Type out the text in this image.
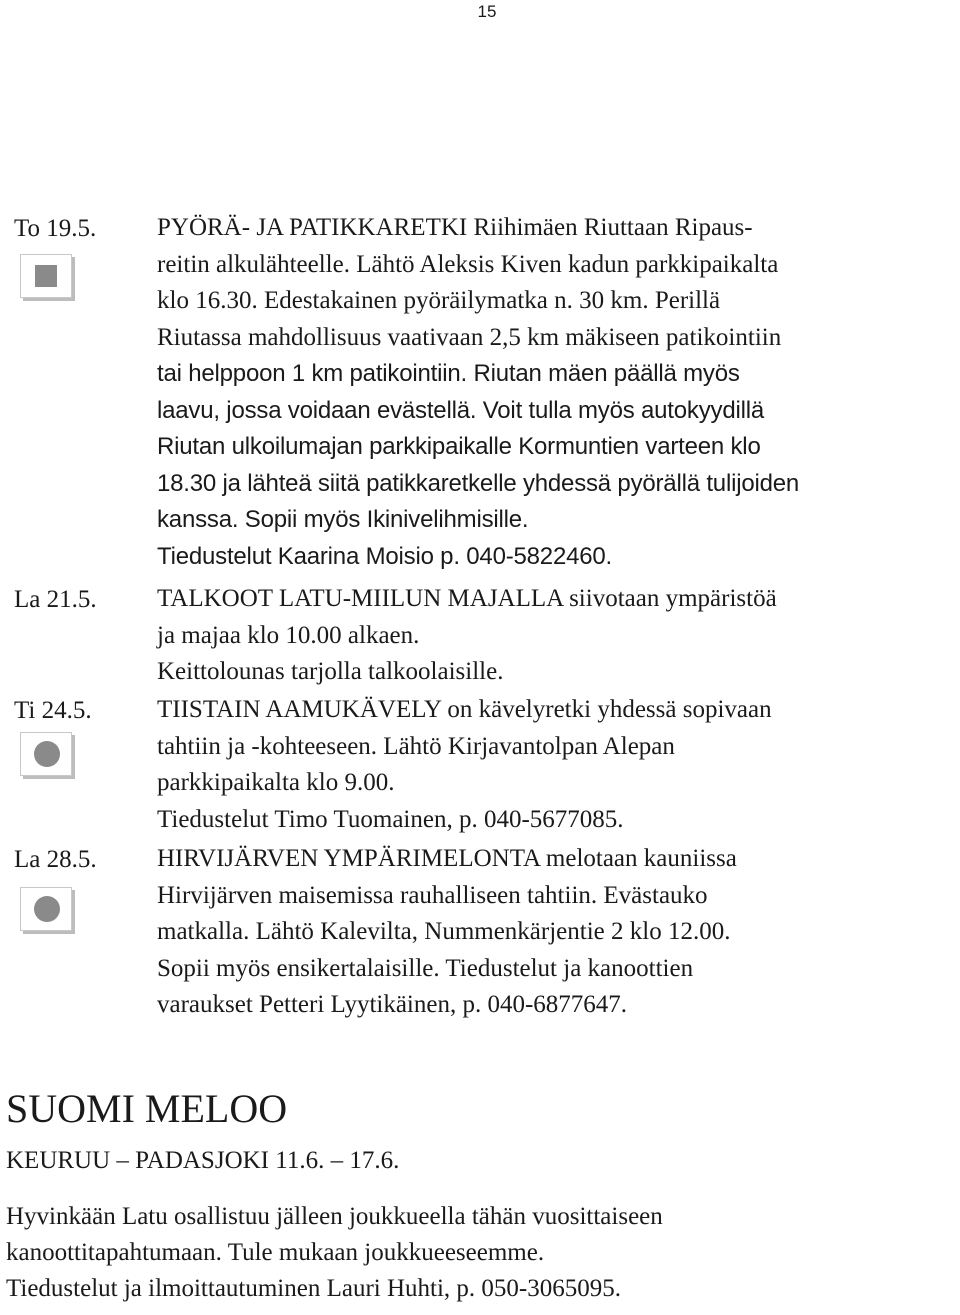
15
To 19.5. PYÖRÄ- JA PATIKKARETKI Riihimäen Riuttaan Ripaus-
reitin alkulähteelle. Lähtö Aleksis Kiven kadun parkkipaikalta
klo 16.30. Edestakainen pyöräilymatka n. 30 km. Perillä
Riutassa mahdollisuus vaativaan 2,5 km mäkiseen patikointiin
tai helppoon 1 km patikointiin. Riutan mäen päällä myös
laavu, jossa voidaan evästellä. Voit tulla myös autokyydillä
Riutan ulkoilumajan parkkipaikalle Kormuntien varteen klo
18.30 ja lähteä siitä patikkaretkelle yhdessä pyörällä tulijoiden
kanssa. Sopii myös Ikinivelihmisille.
Tiedustelut Kaarina Moisio p. 040-5822460.
La 21.5. TALKOOT LATU-MIILUN MAJALLA siivotaan ympäristöä
ja majaa klo 10.00 alkaen.
Keittolounas tarjolla talkoolaisille.
Ti 24.5.	TIISTAIN AAMUKÄVELY on kävelyretki yhdessä sopivaan
tahtiin ja -kohteeseen. Lähtö Kirjavantolpan Alepan
parkkipaikalta klo 9.00.
Tiedustelut Timo Tuomainen, p. 040-5677085.
La 28.5. HIRVIJÄRVEN YMPÄRIMELONTA melotaan kauniissa
Hirvijärven maisemissa rauhalliseen tahtiin. Evästauko
matkalla. Lähtö Kalevilta, Nummenkärjentie 2 klo 12.00.
Sopii myös ensikertalaisille. Tiedustelut ja kanoottien
varaukset Petteri Lyytikäinen, p. 040-6877647.
SUOMI MELOO
KEURUU – PADASJOKI 11.6. – 17.6.
Hyvinkään Latu osallistuu jälleen joukkueella tähän vuosittaiseen
kanoottitapahtumaan. Tule mukaan joukkueeseemme.
Tiedustelut ja ilmoittautuminen Lauri Huhti, p. 050-3065095.
